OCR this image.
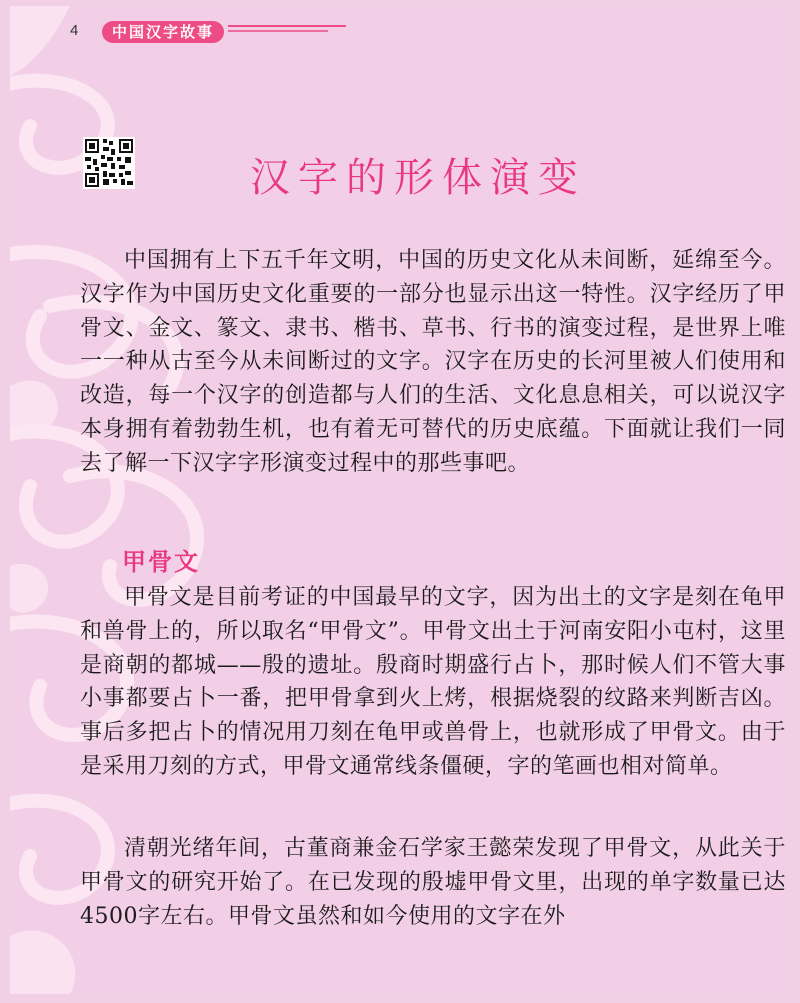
4	中国汉字故事
汉字的形体演变

中国拥有上下五千年文明，中国的历史文化从未间断，延绵至今。汉字作为中国历史文化重要的一部分也显示出这一特性。汉字经历了甲骨文、金文、篆文、隶书、楷书、草书、行书的演变过程，是世界上唯一一种从古至今从未间断过的文字。汉字在历史的长河里被人们使用和改造，每一个汉字的创造都与人们的生活、文化息息相关，可以说汉字本身拥有着勃勃生机，也有着无可替代的历史底蕴。下面就让我们一同去了解一下汉字字形演变过程中的那些事吧。

甲骨文

甲骨文是目前考证的中国最早的文字，因为出土的文字是刻在龟甲和兽骨上的，所以取名“甲骨文”。甲骨文出土于河南安阳小屯村，这里是商朝的都城——殷的遗址。殷商时期盛行占卜，那时候人们不管大事小事都要占卜一番，把甲骨拿到火上烤，根据烧裂的纹路来判断吉凶。事后多把占卜的情况用刀刻在龟甲或兽骨上，也就形成了甲骨文。由于是采用刀刻的方式，甲骨文通常线条僵硬，字的笔画也相对简单。

清朝光绪年间，古董商兼金石学家王懿荣发现了甲骨文，从此关于甲骨文的研究开始了。在已发现的殷墟甲骨文里，出现的单字数量已达4500字左右。甲骨文虽然和如今使用的文字在外
